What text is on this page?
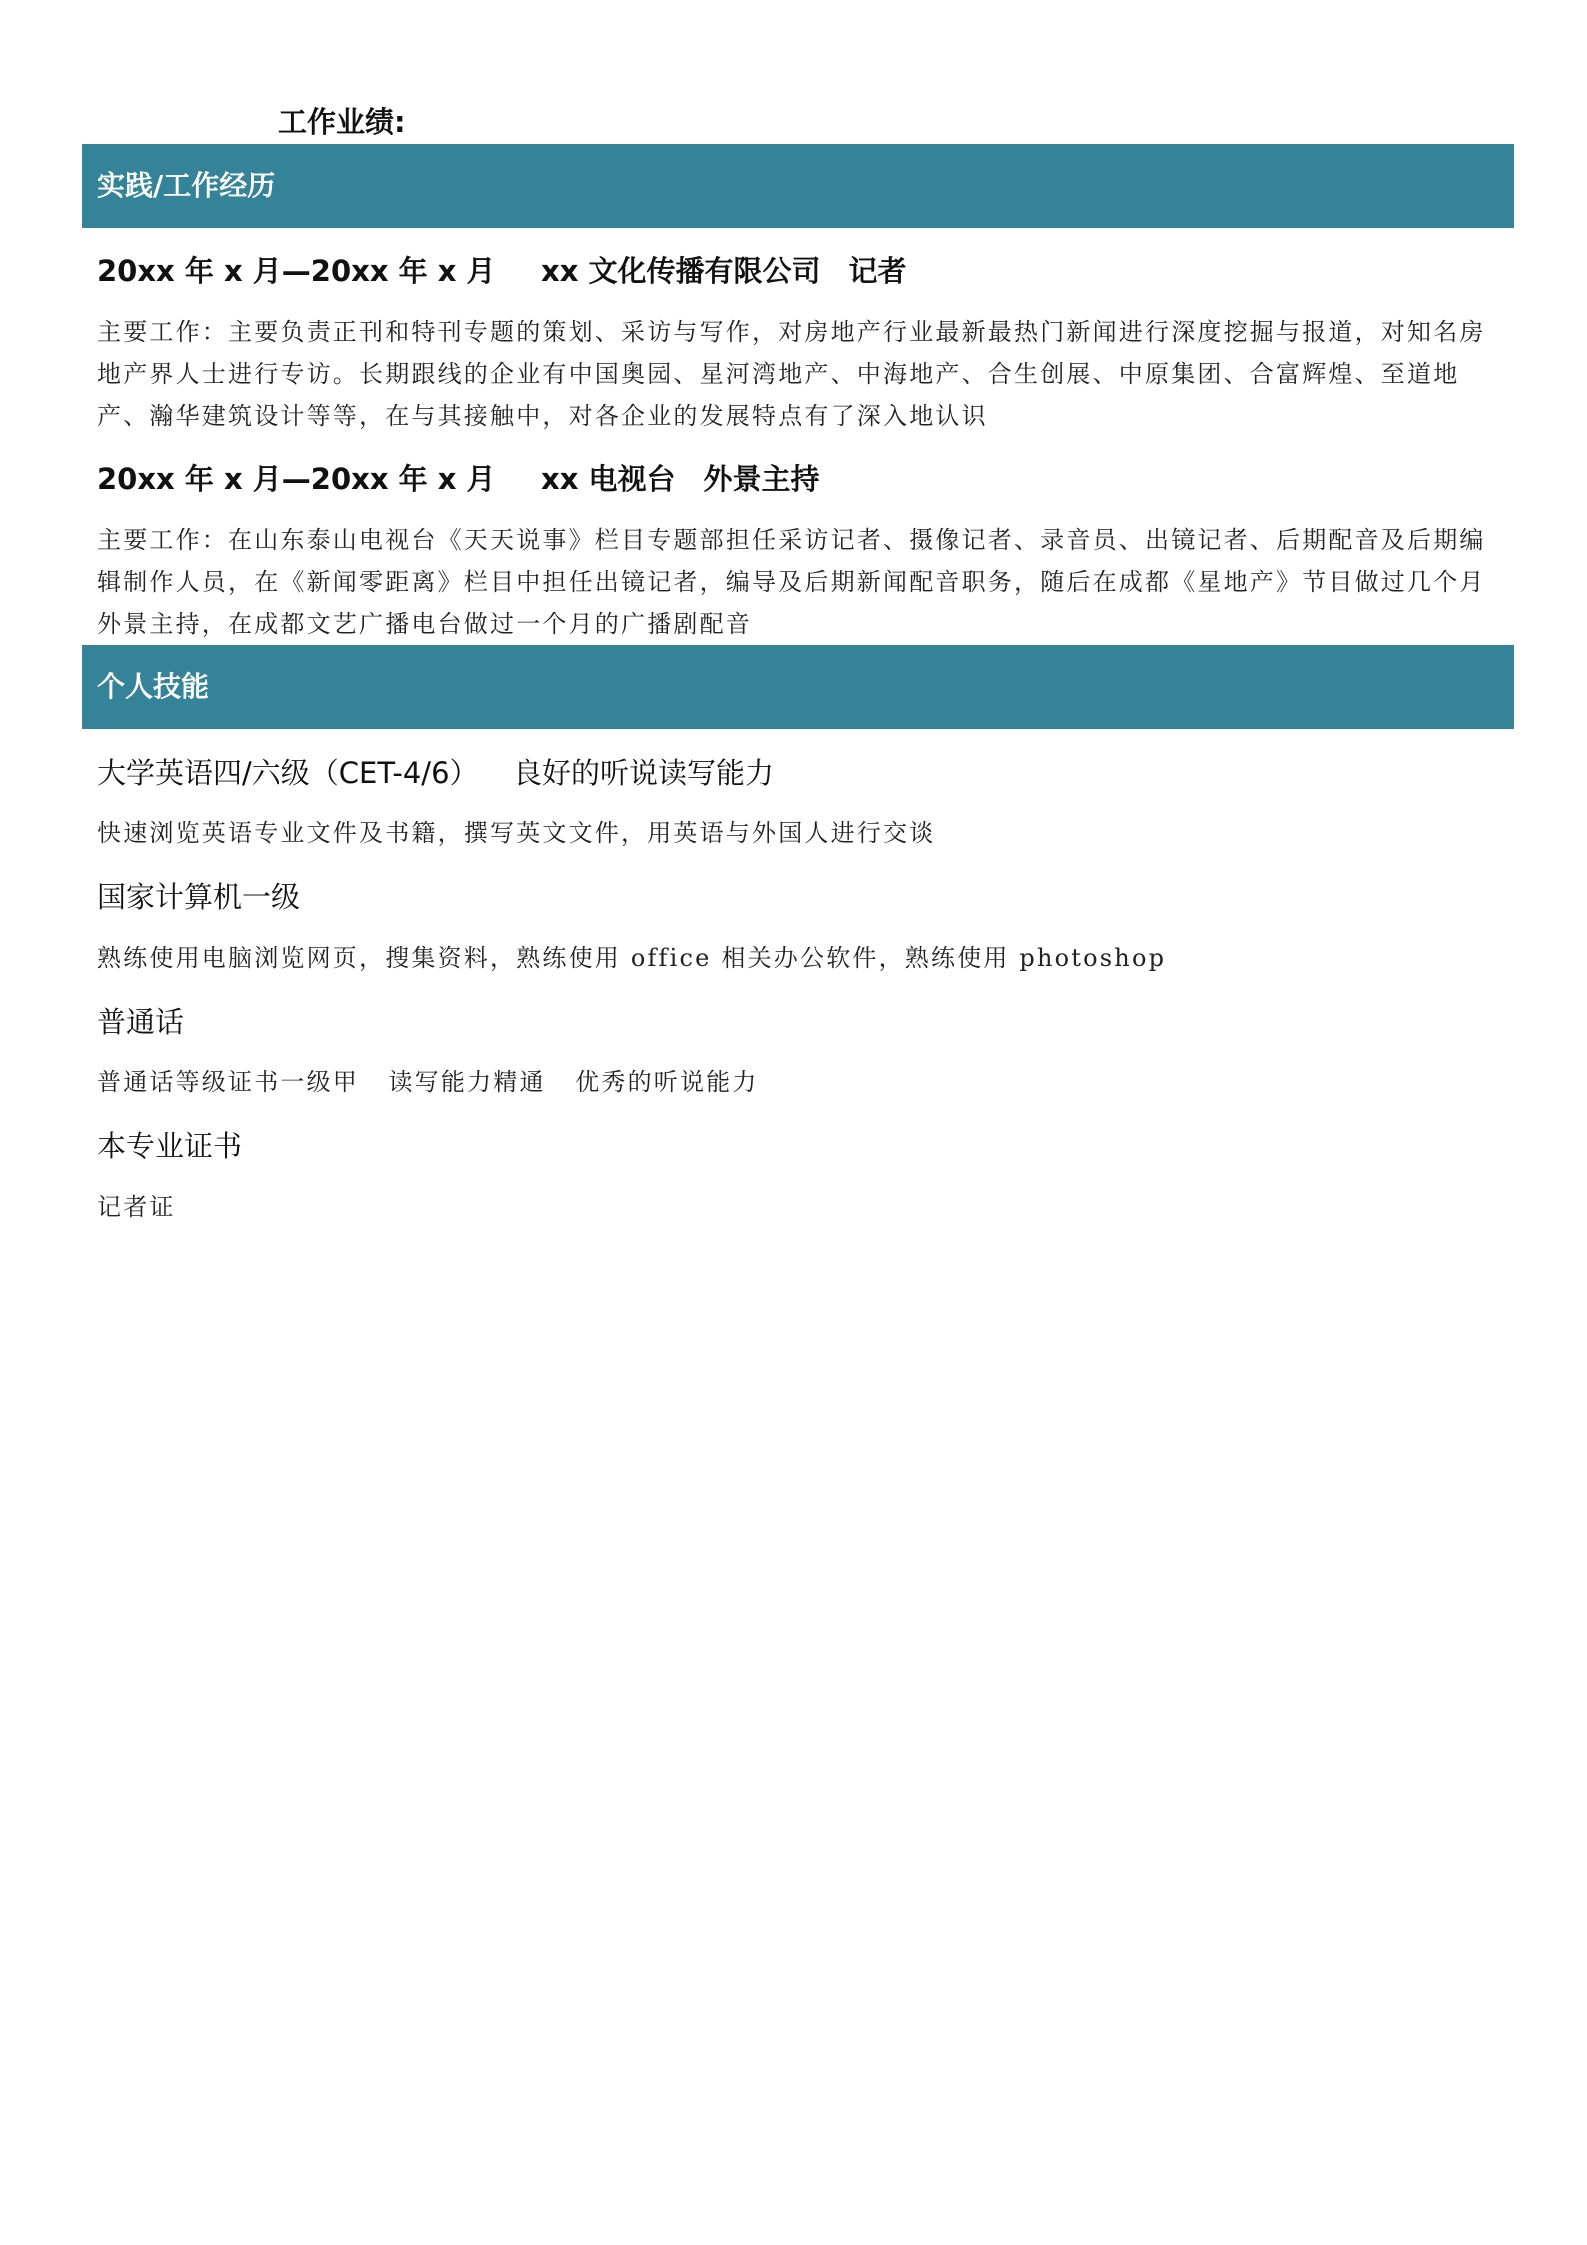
工作业绩:

实践/工作经历
20xx 年 x 月—20xx 年 x 月	xx 文化传播有限公司 记者

主要工作：主要负责正刊和特刊专题的策划、采访与写作，对房地产行业最新最热门新闻进行深度挖掘与报道，对知名房地产界人士进行专访。长期跟线的企业有中国奥园、星河湾地产、中海地产、合生创展、中原集团、合富辉煌、至道地产、瀚华建筑设计等等，在与其接触中，对各企业的发展特点有了深入地认识

20xx 年 x 月—20xx 年 x 月	xx 电视台 外景主持

主要工作：在山东泰山电视台《天天说事》栏目专题部担任采访记者、摄像记者、录音员、出镜记者、后期配音及后期编辑制作人员，在《新闻零距离》栏目中担任出镜记者，编导及后期新闻配音职务，随后在成都《星地产》节目做过几个月外景主持，在成都文艺广播电台做过一个月的广播剧配音

个人技能
大学英语四/六级（CET-4/6）	良好的听说读写能力

快速浏览英语专业文件及书籍，撰写英文文件，用英语与外国人进行交谈

国家计算机一级

熟练使用电脑浏览网页，搜集资料，熟练使用 office 相关办公软件，熟练使用 photoshop

普通话

普通话等级证书一级甲   读写能力精通   优秀的听说能力

本专业证书

记者证
